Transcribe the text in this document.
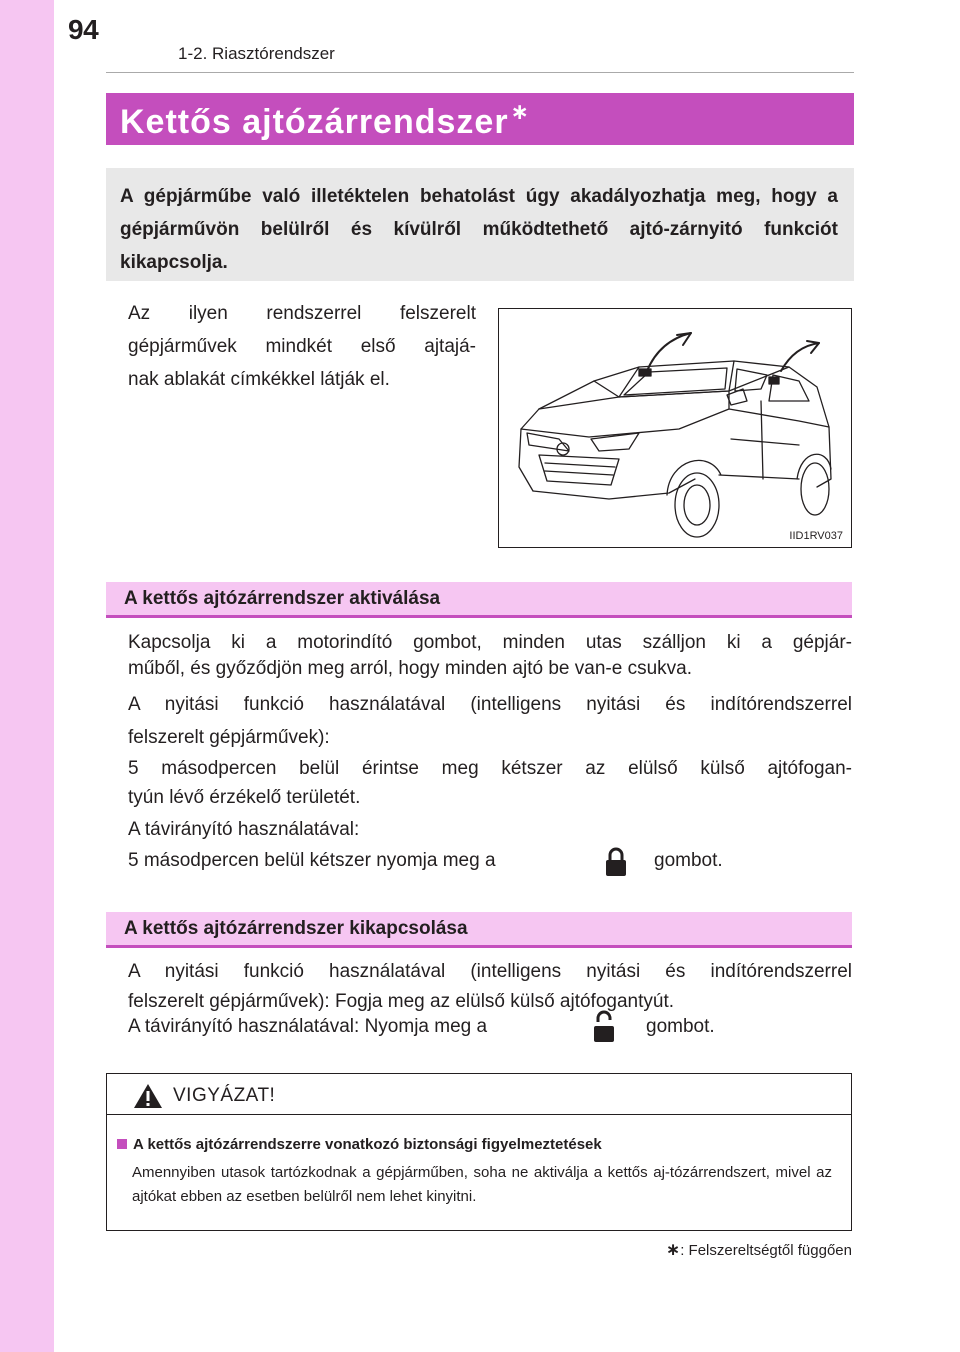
94
1-2. Riasztórendszer
Kettős ajtózárrendszer∗
A gépjárműbe való illetéktelen behatolást úgy akadályozhatja meg, hogy a gépjárművön belülről és kívülről működtethető ajtó-zárnyitó funkciót kikapcsolja.
Az ilyen rendszerrel felszerelt
gépjárművek mindkét első ajtajá-
nak ablakát címkékkel látják el.
IID1RV037
A kettős ajtózárrendszer aktiválása
Kapcsolja ki a motorindító gombot, minden utas szálljon ki a gépjár-
műből, és győződjön meg arról, hogy minden ajtó be van-e csukva.
A nyitási funkció használatával (intelligens nyitási és indítórendszerrel
felszerelt gépjárművek):
5 másodpercen belül érintse meg kétszer az elülső külső ajtófogan-
tyún lévő érzékelő területét.
A távirányító használatával:
5 másodpercen belül kétszer nyomja meg a	gombot.
A kettős ajtózárrendszer kikapcsolása
A nyitási funkció használatával (intelligens nyitási és indítórendszerrel
felszerelt gépjárművek): Fogja meg az elülső külső ajtófogantyút.
A távirányító használatával: Nyomja meg a	gombot.
VIGYÁZAT!
A kettős ajtózárrendszerre vonatkozó biztonsági figyelmeztetések
Amennyiben utasok tartózkodnak a gépjárműben, soha ne aktiválja a kettős aj-tózárrendszert, mivel az ajtókat ebben az esetben belülről nem lehet kinyitni.
∗: Felszereltségtől függően
